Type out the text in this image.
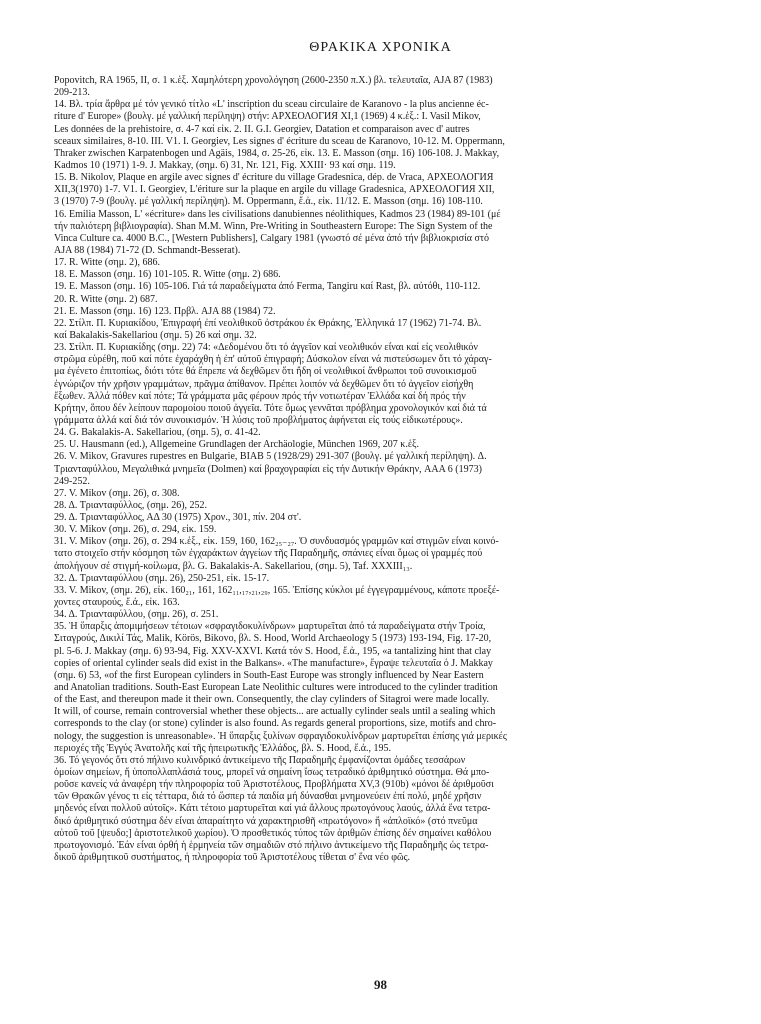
ΘΡΑΚΙΚΑ ΧΡΟΝΙΚΑ
Popovitch, RA 1965, II, σ. 1 κ.ἑξ. Χαμηλότερη χρονολόγηση (2600-2350 π.Χ.) βλ. τελευταῖα, AJA 87 (1983)
209-213.
14. Βλ. τρία ἄρθρα μέ τόν γενικό τίτλο «L' inscription du sceau circulaire de Karanovo - la plus ancienne éc-
riture d' Europe» (βουλγ. μέ γαλλική περίληψη) στήν: ΑΡΧΕΟΛΟГИЯ XI,1 (1969) 4 κ.ἑξ.: I. Vasil Mikov,
Les données de la prehistoire, σ. 4-7 καί εἰκ. 2. II. G.I. Georgiev, Datation et comparaison avec d' autres
sceaux similaires, 8-10. III. V1. I. Georgiev, Les signes d' écriture du sceau de Karanovo, 10-12. M. Oppermann,
Thraker zwischen Karpatenbogen und Agäis, 1984, σ. 25-26, εἰκ. 13. E. Masson (σημ. 16) 106-108. J. Makkay,
Kadmos 10 (1971) 1-9. J. Makkay, (σημ. 6) 31, Nr. 121, Fig. XXIII· 93 καί σημ. 119.
15. B. Nikolov, Plaque en argile avec signes d' écriture du village Gradesnica, dép. de Vraca, ΑΡΧΕΟΛΟГИЯ
XII,3(1970) 1-7. V1. I. Georgiev, L'ériture sur la plaque en argile du village Gradesnica, ΑΡΧΕΟΛΟГИЯ XII,
3 (1970) 7-9 (βουλγ. μέ γαλλική περίληψη). M. Oppermann, ἔ.ἀ., εἰκ. 11/12. E. Masson (σημ. 16) 108-110.
16. Emilia Masson, L' «écriture» dans les civilisations danubiennes néolithiques, Kadmos 23 (1984) 89-101 (μέ
τήν παλιότερη βιβλιογραφία). Shan M.M. Winn, Pre-Writing in Southeastern Europe: The Sign System of the
Vinca Culture ca. 4000 B.C., [Western Publishers], Calgary 1981 (γνωστό σέ μένα ἀπό τήν βιβλιοκρισία στό
AJA 88 (1984) 71-72 (D. Schmandt-Besserat).
17. R. Witte (σημ. 2), 686.
18. E. Masson (σημ. 16) 101-105. R. Witte (σημ. 2) 686.
19. E. Masson (σημ. 16) 105-106. Γιά τά παραδείγματα ἀπό Ferma, Tangiru καί Rast, βλ. αὐτόθι, 110-112.
20. R. Witte (σημ. 2) 687.
21. E. Masson (σημ. 16) 123. Πρβλ. AJA 88 (1984) 72.
22. Στίλπ. Π. Κυριακίδου, Ἐπιγραφή ἐπί νεολιθικοῦ ὀστράκου ἐκ Θράκης, Ἑλληνικά 17 (1962) 71-74. Βλ.
καί Bakalakis-Sakellariou (σημ. 5) 26 καί σημ. 32.
23. Στίλπ. Π. Κυριακίδης (σημ. 22) 74: «Δεδομένου ὅτι τό ἀγγεῖον καί νεολιθικόν εἶναι καί εἰς νεολιθικόν
στρῶμα εὑρέθη, ποῦ καί πότε ἐχαράχθη ἡ ἐπ' αὐτοῦ ἐπιγραφή; Δύσκολον εἶναι νά πιστεύσωμεν ὅτι τό χάραγ-
μα ἐγένετο ἐπιτοπίως, διότι τότε θά ἔπρεπε νά δεχθῶμεν ὅτι ἤδη οἱ νεολιθικοί ἄνθρωποι τοῦ συνοικισμοῦ
ἐγνώριζον τήν χρῆσιν γραμμάτων, πρᾶγμα ἀπίθανον. Πρέπει λοιπόν νά δεχθῶμεν ὅτι τό ἀγγεῖον εἰσήχθη
ἔξωθεν. Ἀλλά πόθεν καί πότε; Τά γράμματα μᾶς φέρουν πρός τήν νοτιωτέραν Ἑλλάδα καί δή πρός τήν
Κρήτην, ὅπου δέν λείπουν παρομοίου ποιοῦ ἀγγεῖα. Τότε ὅμως γεννᾶται πρόβλημα χρονολογικόν καί διά τά
γράμματα ἀλλά καί διά τόν συνοικισμόν. Ἡ λύσις τοῦ προβλήματος ἀφήνεται εἰς τούς εἰδικωτέρους».
24. G. Bakalakis-A. Sakellariou, (σημ. 5), σ. 41-42.
25. U. Hausmann (ed.), Allgemeine Grundlagen der Archäologie, München 1969, 207 κ.ἑξ.
26. V. Mikov, Gravures rupestres en Bulgarie, BIAB 5 (1928/29) 291-307 (βουλγ. μέ γαλλική περίληψη). Δ.
Τριανταφύλλου, Μεγαλιθικά μνημεῖα (Dolmen) καί βραχογραφίαι εἰς τήν Δυτικήν Θράκην, AAA 6 (1973)
249-252.
27. V. Mikov (σημ. 26), σ. 308.
28. Δ. Τριανταφύλλος, (σημ. 26), 252.
29. Δ. Τριανταφύλλος, ΑΔ 30 (1975) Χρον., 301, πίν. 204 στ'.
30. V. Mikov (σημ. 26), σ. 294, εἰκ. 159.
31. V. Mikov (σημ. 26), σ. 294 κ.ἑξ., εἰκ. 159, 160, 162₂₅₋₂₇. Ὁ συνδυασμός γραμμῶν καί στιγμῶν εἶναι κοινό-
τατο στοιχεῖο στήν κόσμηση τῶν ἐγχαράκτων ἀγγείων τῆς Παραδημῆς, σπάνιες εἶναι ὅμως οἱ γραμμές πού
ἀπολήγουν σέ στιγμή-κοίλωμα, βλ. G. Bakalakis-A. Sakellariou, (σημ. 5), Taf. XXXIII₁₃.
32. Δ. Τριανταφύλλου (σημ. 26), 250-251, εἰκ. 15-17.
33. V. Mikov, (σημ. 26), εἰκ. 160₂₁, 161, 162₁₁,₁₇,₂₁,₂₉, 165. Ἐπίσης κύκλοι μέ ἐγγεγραμμένους, κάποτε προεξέ-
χοντες σταυρούς, ἔ.ἀ., εἰκ. 163.
34. Δ. Τριανταφύλλου, (σημ. 26), σ. 251.
35. Ἡ ὕπαρξις ἀπομιμήσεων τέτοιων «σφραγιδοκυλίνδρων» μαρτυρεῖται ἀπό τά παραδείγματα στήν Τροία,
Σιταγρούς, Δικιλί Τάς, Malik, Körös, Bikovo, βλ. S. Hood, World Archaeology 5 (1973) 193-194, Fig. 17-20,
pl. 5-6. J. Makkay (σημ. 6) 93-94, Fig. XXV-XXVI. Κατά τόν S. Hood, ἔ.ἀ., 195, «a tantalizing hint that clay
copies of oriental cylinder seals did exist in the Balkans». «The manufacture», ἔγραψε τελευταῖα ὁ J. Makkay
(σημ. 6) 53, «of the first European cylinders in South-East Europe was strongly influenced by Near Eastern
and Anatolian traditions. South-East European Late Neolithic cultures were introduced to the cylinder tradition
of the East, and thereupon made it their own. Consequently, the clay cylinders of Sitagroi were made locally.
It will, of course, remain controversial whether these objects... are actually cylinder seals until a sealing which
corresponds to the clay (or stone) cylinder is also found. As regards general proportions, size, motifs and chro-
nology, the suggestion is unreasonable». Ἡ ὕπαρξις ξυλίνων σφραγιδοκυλίνδρων μαρτυρεῖται ἐπίσης γιά μερικές
περιοχές τῆς Ἐγγύς Ἀνατολῆς καί τῆς ἠπειρωτικῆς Ἑλλάδος, βλ. S. Hood, ἔ.ἀ., 195.
36. Τό γεγονός ὅτι στό πήλινο κυλινδρικό ἀντικείμενο τῆς Παραδημῆς ἐμφανίζονται ὁμάδες τεσσάρων
ὁμοίων σημείων, ἤ ὑποπολλαπλάσιά τους, μπορεῖ νά σημαίνη ἴσως τετραδικό ἀριθμητικό σύστημα. Θά μπο-
ροῦσε κανείς νά ἀναφέρη τήν πληροφορία τοῦ Ἀριστοτέλους, Προβλήματα XV,3 (910b) «μόνοι δέ ἀριθμοῦσι
τῶν Θρακῶν γένος τι εἰς τέτταρα, διά τό ὥσπερ τά παιδία μή δύνασθαι μνημονεύειν ἐπί πολύ, μηδέ χρῆσιν
μηδενός εἶναι πολλοῦ αὐτοῖς». Κάτι τέτοιο μαρτυρεῖται καί γιά ἄλλους πρωτογόνους λαούς, ἀλλά ἕνα τετρα-
δικό ἀριθμητικό σύστημα δέν εἶναι ἀπαραίτητο νά χαρακτηρισθῆ «πρωτόγονο» ἤ «ἀπλοϊκό» (στό πνεῦμα
αὐτοῦ τοῦ [ψευδο;] ἀριστοτελικοῦ χωρίου). Ὁ προσθετικός τύπος τῶν ἀριθμῶν ἐπίσης δέν σημαίνει καθόλου
πρωτογονισμό. Ἐάν εἶναι ὀρθή ἡ ἑρμηνεία τῶν σημαδιῶν στό πήλινο ἀντικείμενο τῆς Παραδημῆς ὡς τετρα-
δικοῦ ἀριθμητικοῦ συστήματος, ἡ πληροφορία τοῦ Ἀριστοτέλους τίθεται σ' ἕνα νέο φῶς.
98
